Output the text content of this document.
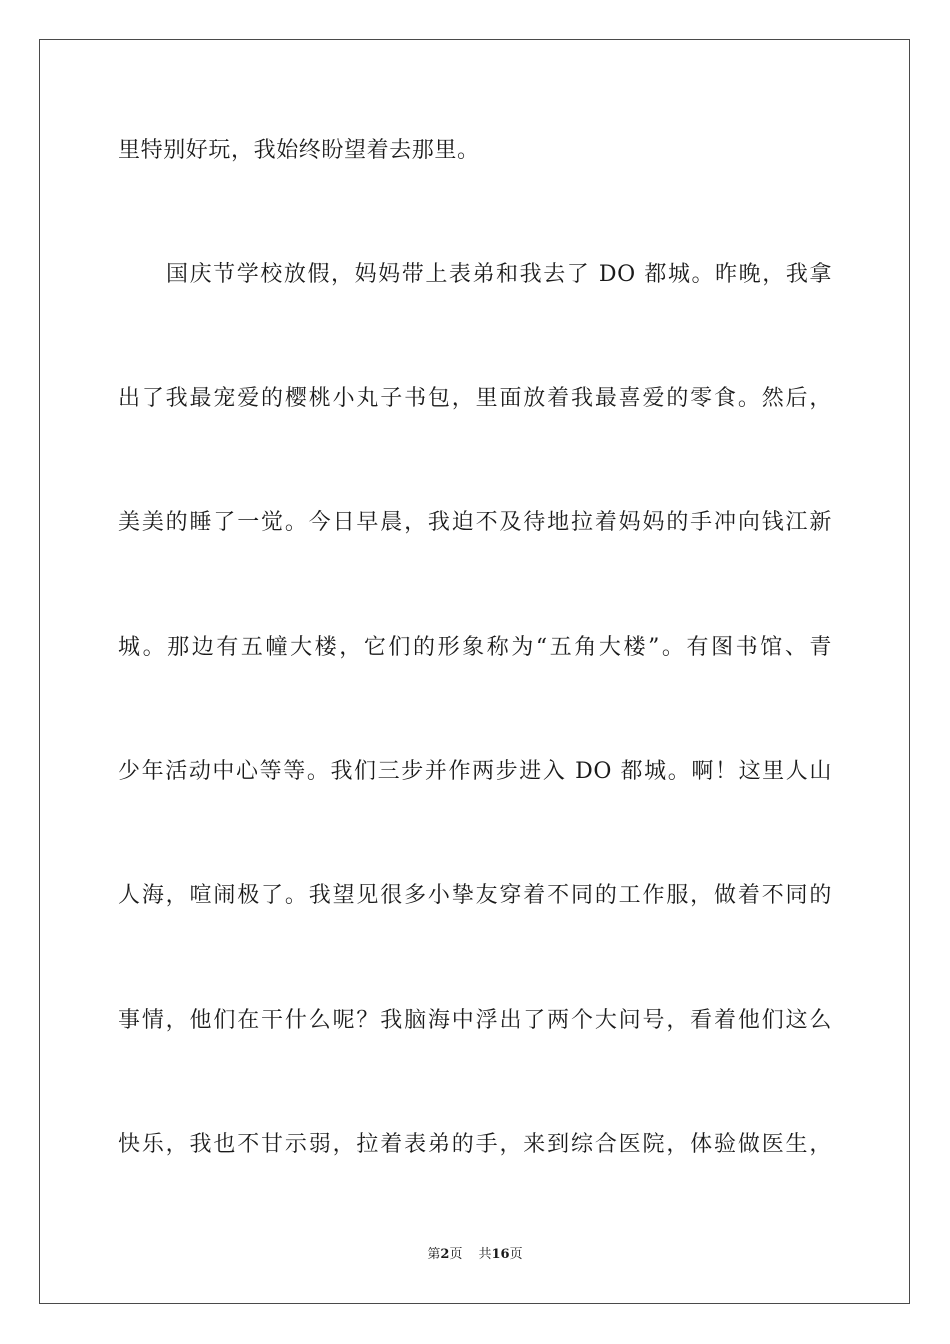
里特别好玩，我始终盼望着去那里。
国庆节学校放假，妈妈带上表弟和我去了 DO 都城。昨晚，我拿
出了我最宠爱的樱桃小丸子书包，里面放着我最喜爱的零食。然后，
美美的睡了一觉。今日早晨，我迫不及待地拉着妈妈的手冲向钱江新
城。那边有五幢大楼，它们的形象称为“五角大楼”。有图书馆、青
少年活动中心等等。我们三步并作两步进入 DO 都城。啊！这里人山
人海，喧闹极了。我望见很多小挚友穿着不同的工作服，做着不同的
事情，他们在干什么呢？我脑海中浮出了两个大问号，看着他们这么
快乐，我也不甘示弱，拉着表弟的手，来到综合医院，体验做医生，
第2页 共16页
